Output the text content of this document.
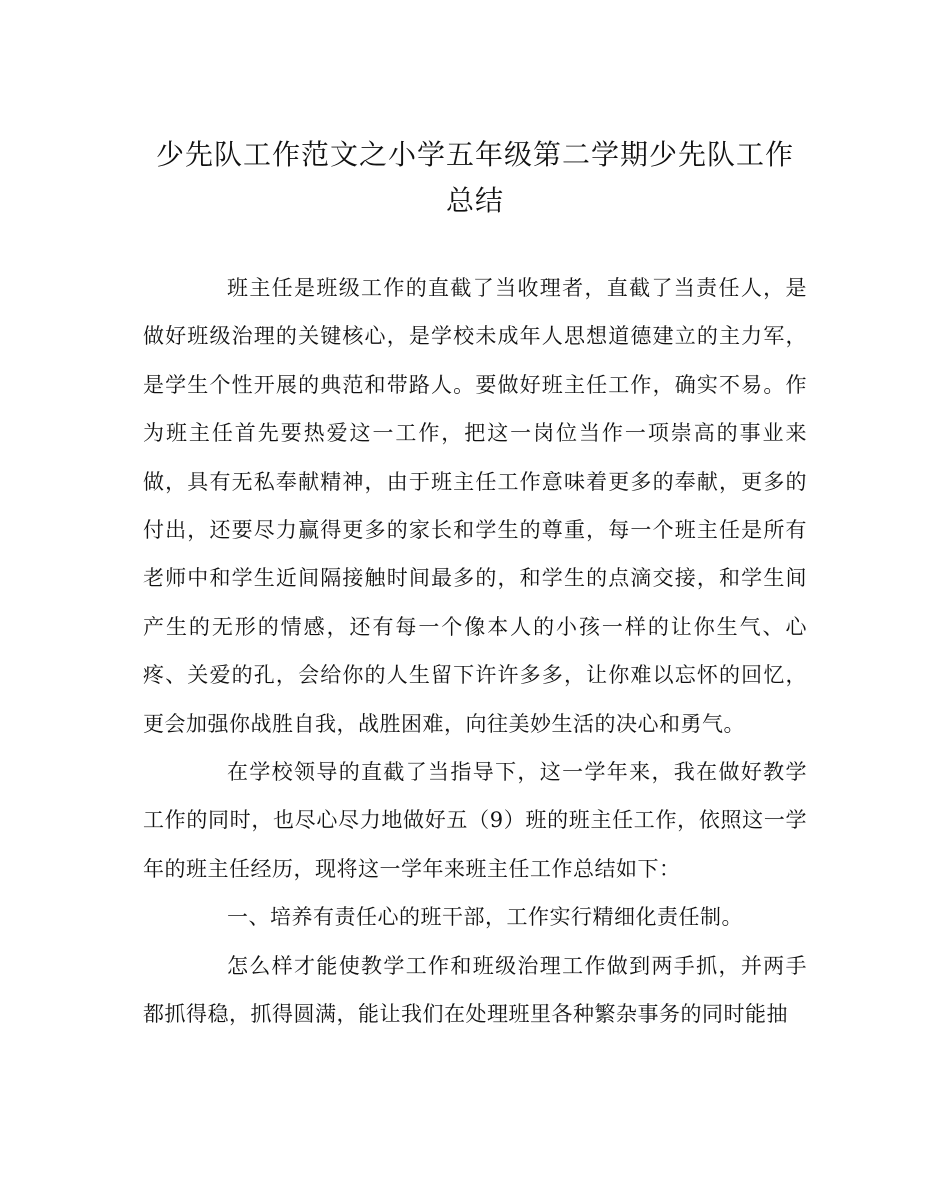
少先队工作范文之小学五年级第二学期少先队工作总结

班主任是班级工作的直截了当收理者，直截了当责任人，是做好班级治理的关键核心，是学校未成年人思想道德建立的主力军，是学生个性开展的典范和带路人。要做好班主任工作，确实不易。作为班主任首先要热爱这一工作，把这一岗位当作一项崇高的事业来做，具有无私奉献精神，由于班主任工作意味着更多的奉献，更多的付出，还要尽力赢得更多的家长和学生的尊重，每一个班主任是所有老师中和学生近间隔接触时间最多的，和学生的点滴交接，和学生间产生的无形的情感，还有每一个像本人的小孩一样的让你生气、心疼、关爱的孔，会给你的人生留下许许多多，让你难以忘怀的回忆，更会加强你战胜自我，战胜困难，向往美妙生活的决心和勇气。

在学校领导的直截了当指导下，这一学年来，我在做好教学工作的同时，也尽心尽力地做好五（9）班的班主任工作，依照这一学年的班主任经历，现将这一学年来班主任工作总结如下：

一、培养有责任心的班干部，工作实行精细化责任制。

怎么样才能使教学工作和班级治理工作做到两手抓，并两手都抓得稳，抓得圆满，能让我们在处理班里各种繁杂事务的同时能抽
